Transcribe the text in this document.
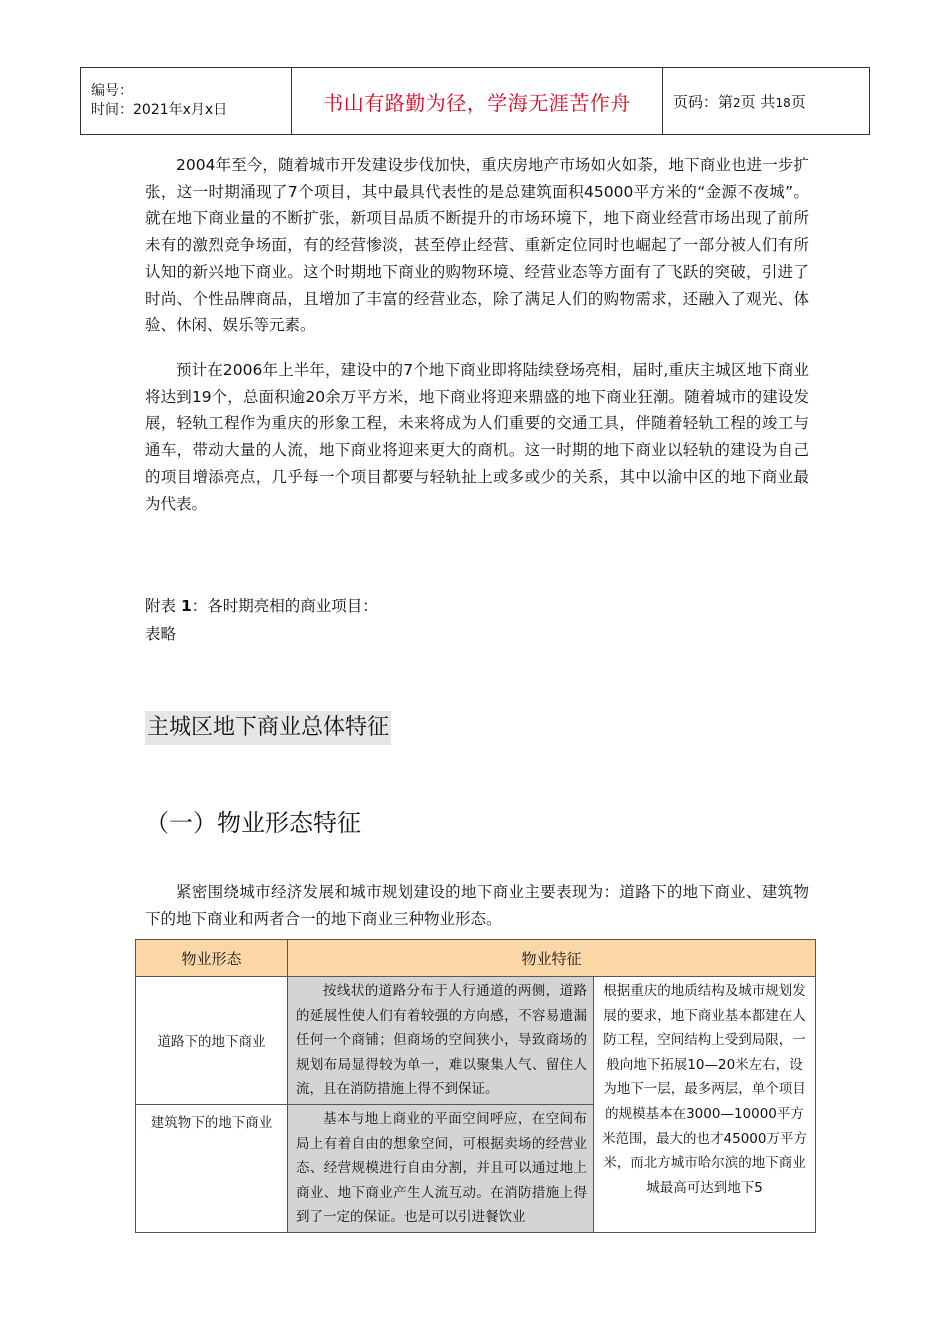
编号：
时间：2021年x月x日	书山有路勤为径，学海无涯苦作舟	页码：第2页 共18页

2004年至今，随着城市开发建设步伐加快，重庆房地产市场如火如荼，地下商业也进一步扩张，这一时期涌现了7个项目，其中最具代表性的是总建筑面积45000平方米的“金源不夜城”。就在地下商业量的不断扩张，新项目品质不断提升的市场环境下，地下商业经营市场出现了前所未有的激烈竞争场面，有的经营惨淡，甚至停止经营、重新定位同时也崛起了一部分被人们有所认知的新兴地下商业。这个时期地下商业的购物环境、经营业态等方面有了飞跃的突破，引进了时尚、个性品牌商品，且增加了丰富的经营业态，除了满足人们的购物需求，还融入了观光、体验、休闲、娱乐等元素。

预计在2006年上半年，建设中的7个地下商业即将陆续登场亮相，届时,重庆主城区地下商业将达到19个，总面积逾20余万平方米，地下商业将迎来鼎盛的地下商业狂潮。随着城市的建设发展，轻轨工程作为重庆的形象工程，未来将成为人们重要的交通工具，伴随着轻轨工程的竣工与通车，带动大量的人流，地下商业将迎来更大的商机。这一时期的地下商业以轻轨的建设为自己的项目增添亮点，几乎每一个项目都要与轻轨扯上或多或少的关系，其中以渝中区的地下商业最为代表。

附表 1：各时期亮相的商业项目：

表略

主城区地下商业总体特征
（一）物业形态特征

紧密围绕城市经济发展和城市规划建设的地下商业主要表现为：道路下的地下商业、建筑物下的地下商业和两者合一的地下商业三种物业形态。

物业形态	物业特征	
道路下的地下商业	按线状的道路分布于人行通道的两侧，道路的延展性使人们有着较强的方向感，不容易遗漏任何一个商铺；但商场的空间狭小，导致商场的规划布局显得较为单一，难以聚集人气、留住人流，且在消防措施上得不到保证。	根据重庆的地质结构及城市规划发展的要求，地下商业基本都建在人防工程，空间结构上受到局限，一般向地下拓展10—20米左右，设为地下一层，最多两层，单个项目的规模基本在3000—10000平方米范围，最大的也才45000万平方米，而北方城市哈尔滨的地下商业城最高可达到地下5
建筑物下的地下商业	基本与地上商业的平面空间呼应，在空间布局上有着自由的想象空间，可根据卖场的经营业态、经营规模进行自由分割，并且可以通过地上商业、地下商业产生人流互动。在消防措施上得到了一定的保证。也是可以引进餐饮业	
